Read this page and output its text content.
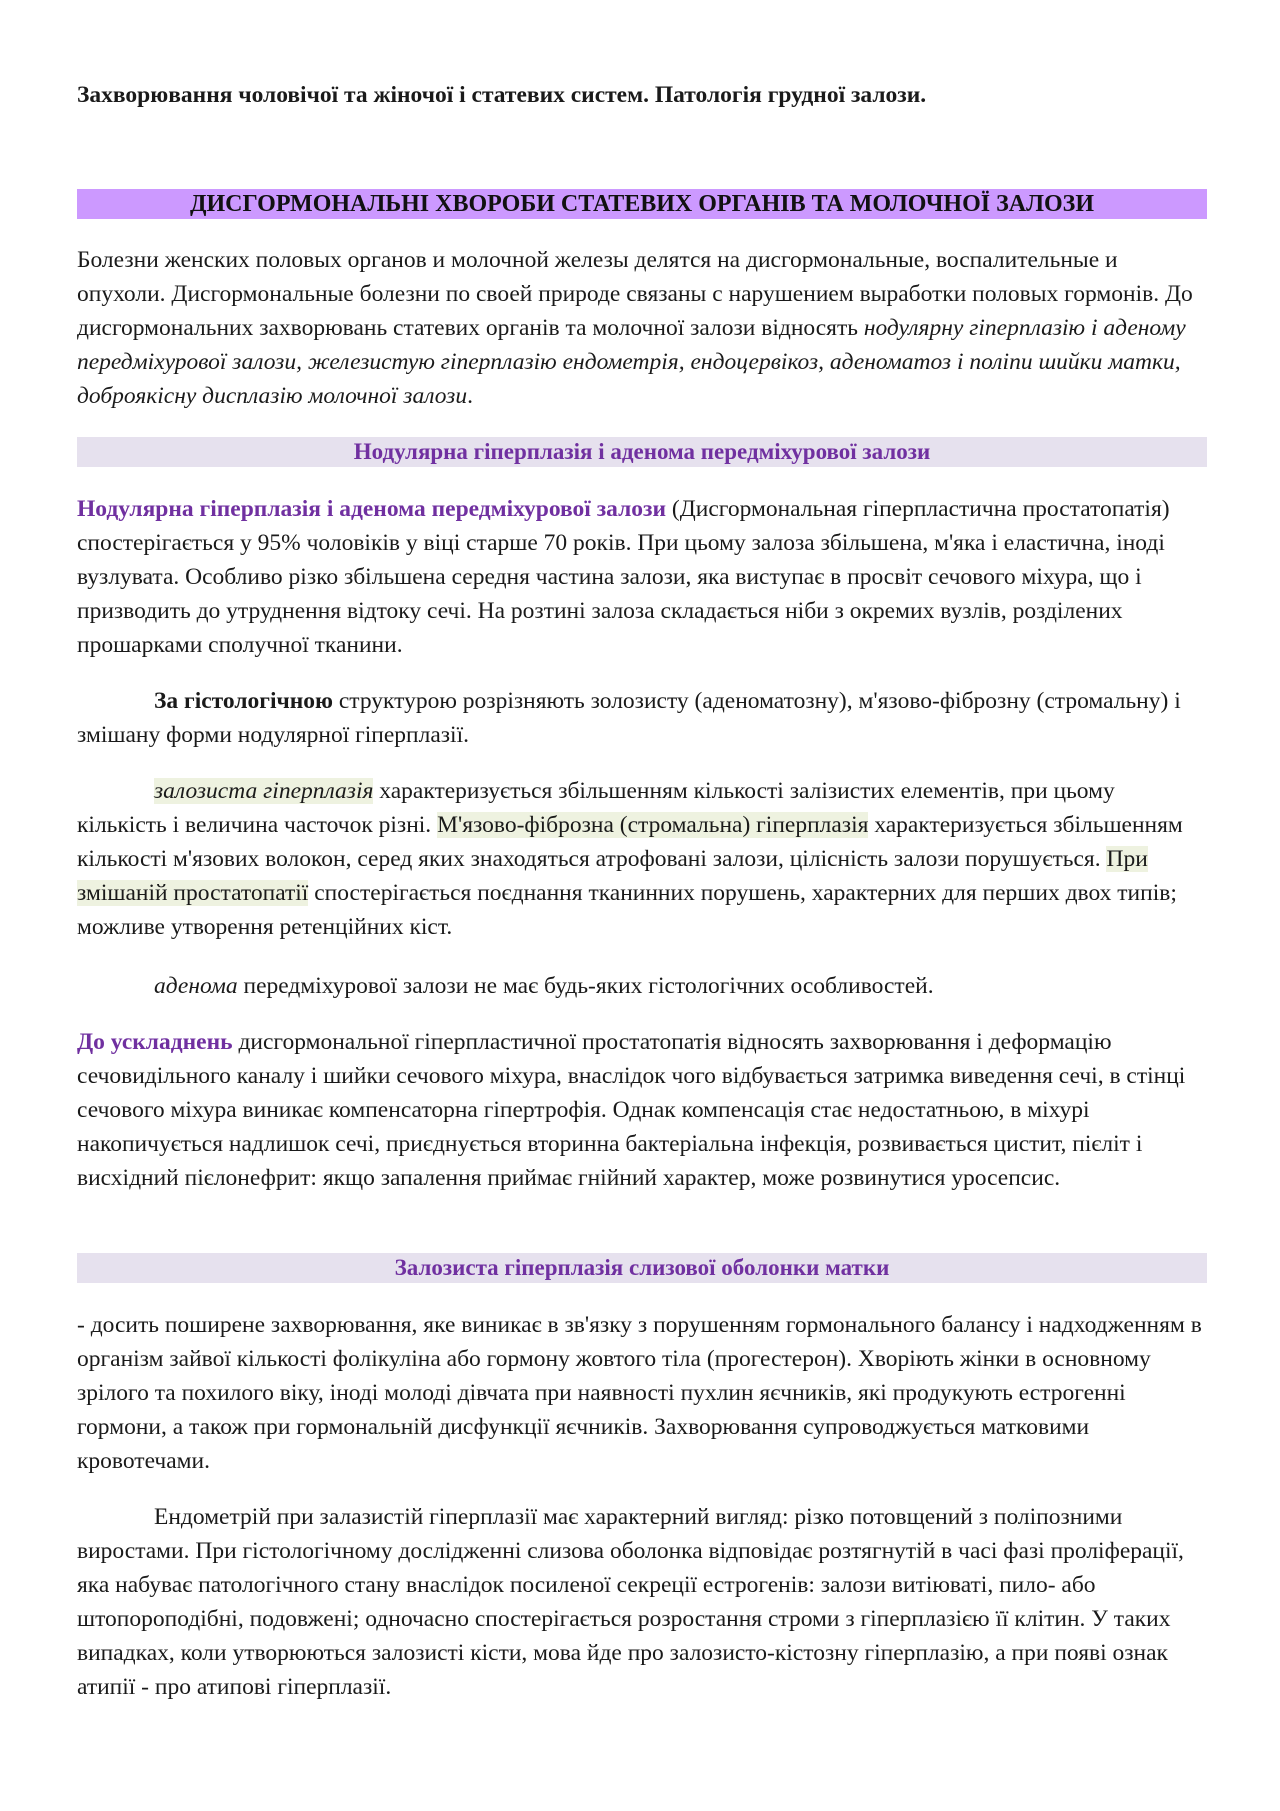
Захворювання чоловічої та жіночої і статевих систем. Патологія грудної залози.
ДИСГОРМОНАЛЬНІ ХВОРОБИ СТАТЕВИХ ОРГАНІВ ТА МОЛОЧНОЇ ЗАЛОЗИ

Болезни женских половых органов и молочной железы делятся на дисгормональные, воспалительные и опухоли. Дисгормональные болезни по своей природе связаны с нарушением выработки половых гормонів. До дисгормональних захворювань статевих органів та молочної залози відносять нодулярну гіперплазію і аденому передміхурової залози, железистую гіперплазію ендометрія, ендоцервікоз, аденоматоз і поліпи шийки матки, доброякісну дисплазію молочної залози.

Нодулярна гіперплазія і аденома передміхурової залози

Нодулярна гіперплазія і аденома передміхурової залози (Дисгормональная гіперпластична простатопатія) спостерігається у 95% чоловіків у віці старше 70 років. При цьому залоза збільшена, м'яка і еластична, іноді вузлувата. Особливо різко збільшена середня частина залози, яка виступає в просвіт сечового міхура, що і призводить до утруднення відтоку сечі. На розтині залоза складається ніби з окремих вузлів, розділених прошарками сполучної тканини.

За гістологічною структурою розрізняють золозисту (аденоматозну), м'язово-фіброзну (стромальну) і змішану форми нодулярної гіперплазії.

залозиста гіперплазія характеризується збільшенням кількості залізистих елементів, при цьому кількість і величина часточок різні. М'язово-фіброзна (стромальна) гіперплазія характеризується збільшенням кількості м'язових волокон, серед яких знаходяться атрофовані залози, цілісність залози порушується. При змішаній простатопатії спостерігається поєднання тканинних порушень, характерних для перших двох типів; можливе утворення ретенційних кіст.

аденома передміхурової залози не має будь-яких гістологічних особливостей.

До ускладнень дисгормональної гіперпластичної простатопатія відносять захворювання і деформацію сечовидільного каналу і шийки сечового міхура, внаслідок чого відбувається затримка виведення сечі, в стінці сечового міхура виникає компенсаторна гіпертрофія. Однак компенсація стає недостатньою, в міхурі накопичується надлишок сечі, приєднується вторинна бактеріальна інфекція, розвивається цистит, пієліт і висхідний пієлонефрит: якщо запалення приймає гнійний характер, може розвинутися уросепсис.

Залозиста гіперплазія слизової оболонки матки

- досить поширене захворювання, яке виникає в зв'язку з порушенням гормонального балансу і надходженням в організм зайвої кількості фолікуліна або гормону жовтого тіла (прогестерон). Хворіють жінки в основному зрілого та похилого віку, іноді молоді дівчата при наявності пухлин яєчників, які продукують естрогенні гормони, а також при гормональній дисфункції яєчників. Захворювання супроводжується матковими кровотечами.

Ендометрій при залазистій гіперплазії має характерний вигляд: різко потовщений з поліпозними виростами. При гістологічному дослідженні слизова оболонка відповідає розтягнутій в часі фазі проліферації, яка набуває патологічного стану внаслідок посиленої секреції естрогенів: залози витіюваті, пило- або штопороподібні, подовжені; одночасно спостерігається розростання строми з гіперплазією її клітин. У таких випадках, коли утворюються залозисті кісти, мова йде про залозисто-кістозну гіперплазію, а при появі ознак атипії - про атипові гіперплазії.
